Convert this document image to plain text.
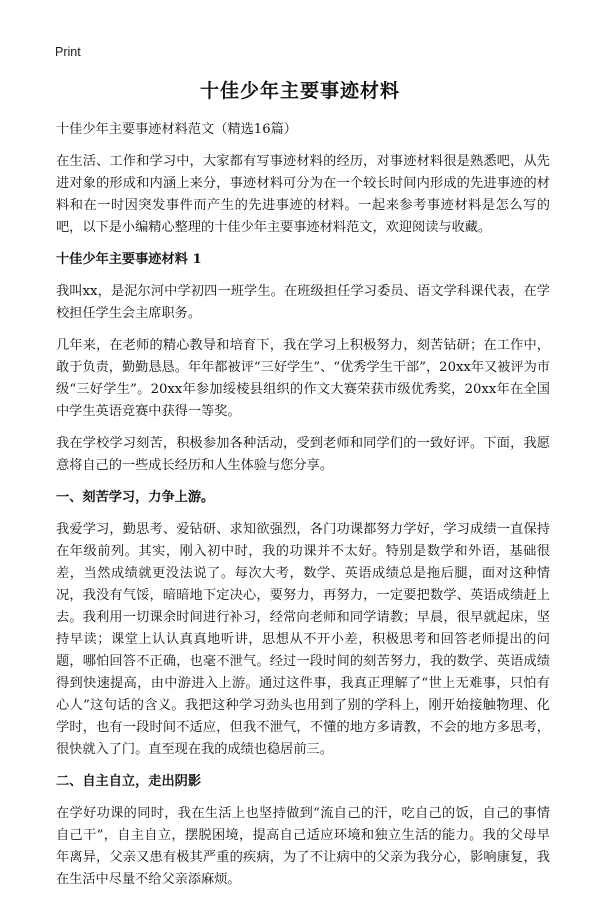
Print
十佳少年主要事迹材料

十佳少年主要事迹材料范文（精选16篇）

在生活、工作和学习中，大家都有写事迹材料的经历，对事迹材料很是熟悉吧，从先进对象的形成和内涵上来分，事迹材料可分为在一个较长时间内形成的先进事迹的材料和在一时因突发事件而产生的先进事迹的材料。一起来参考事迹材料是怎么写的吧，以下是小编精心整理的十佳少年主要事迹材料范文，欢迎阅读与收藏。

十佳少年主要事迹材料 1

我叫xx，是泥尔河中学初四一班学生。在班级担任学习委员、语文学科课代表，在学校担任学生会主席职务。

几年来，在老师的精心教导和培育下，我在学习上积极努力，刻苦钻研；在工作中，敢于负责，勤勤恳恳。年年都被评“三好学生”、“优秀学生干部”，20xx年又被评为市级“三好学生”。20xx年参加绥棱县组织的作文大赛荣获市级优秀奖，20xx年在全国中学生英语竞赛中获得一等奖。

我在学校学习刻苦，积极参加各种活动，受到老师和同学们的一致好评。下面，我愿意将自己的一些成长经历和人生体验与您分享。

一、刻苦学习，力争上游。

我爱学习，勤思考、爱钻研、求知欲强烈，各门功课都努力学好，学习成绩一直保持在年级前列。其实，刚入初中时，我的功课并不太好。特别是数学和外语，基础很差，当然成绩就更没法说了。每次大考，数学、英语成绩总是拖后腿，面对这种情况，我没有气馁，暗暗地下定决心，要努力，再努力，一定要把数学、英语成绩赶上去。我利用一切课余时间进行补习，经常向老师和同学请教；早晨，很早就起床，坚持早读；课堂上认认真真地听讲，思想从不开小差，积极思考和回答老师提出的问题，哪怕回答不正确，也毫不泄气。经过一段时间的刻苦努力，我的数学、英语成绩得到快速提高，由中游进入上游。通过这件事，我真正理解了“世上无难事，只怕有心人”这句话的含义。我把这种学习劲头也用到了别的学科上，刚开始接触物理、化学时，也有一段时间不适应，但我不泄气，不懂的地方多请教，不会的地方多思考，很快就入了门。直至现在我的成绩也稳居前三。

二、自主自立，走出阴影

在学好功课的同时，我在生活上也坚持做到“流自己的汗，吃自己的饭，自己的事情自己干”，自主自立，摆脱困境，提高自己适应环境和独立生活的能力。我的父母早年离异，父亲又患有极其严重的疾病，为了不让病中的父亲为我分心，影响康复，我在生活中尽量不给父亲添麻烦。
